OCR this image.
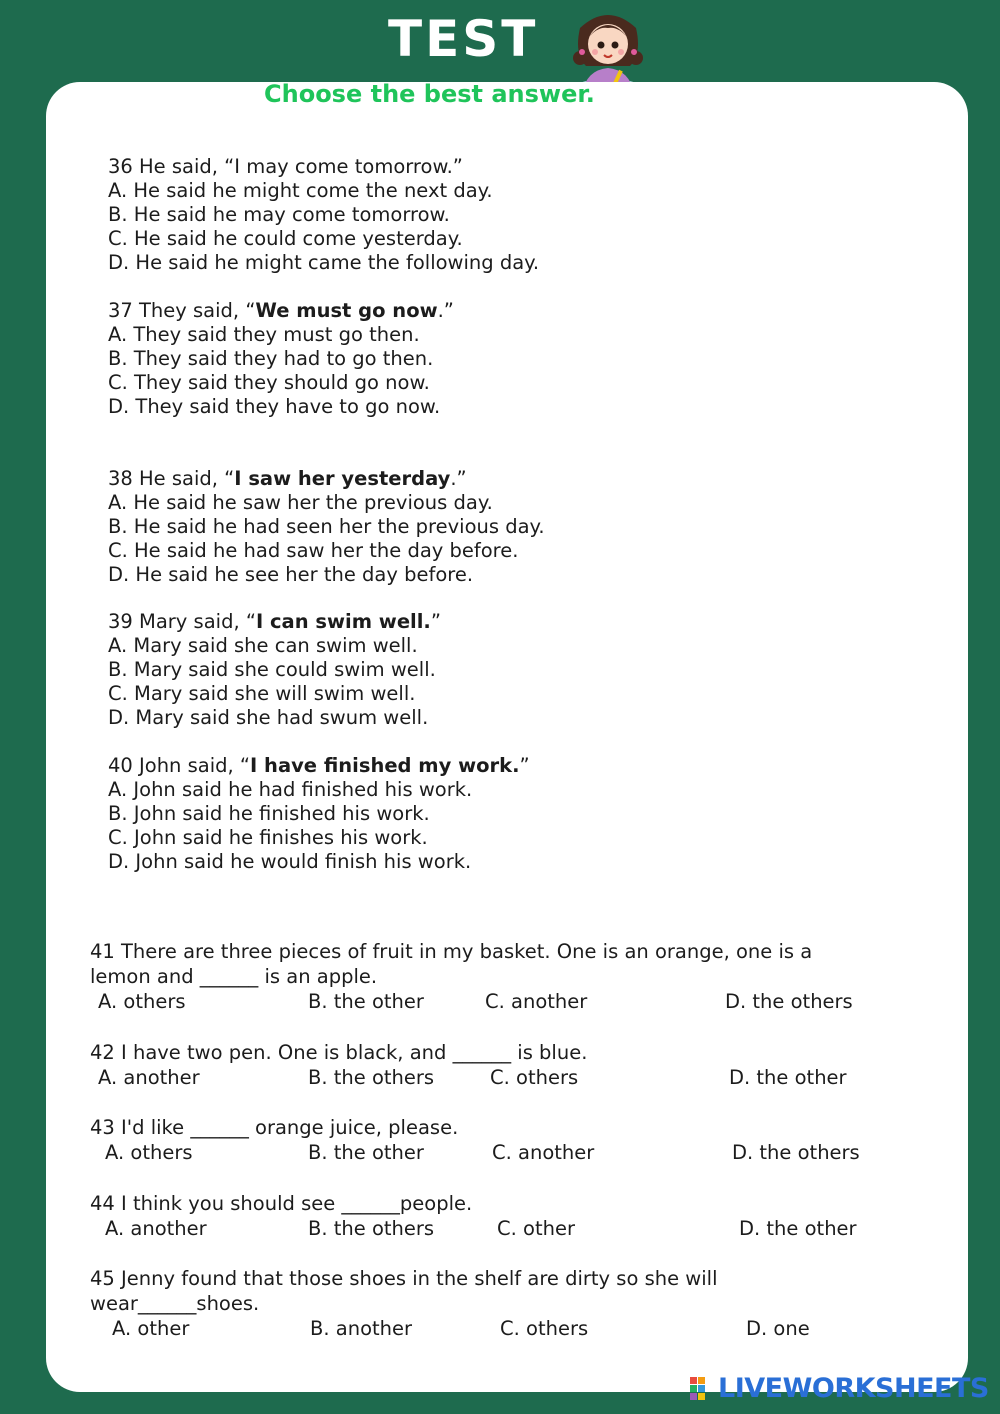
TEST
Choose the best answer.
36 He said, “I may come tomorrow.”
A. He said he might come the next day.
B. He said he may come tomorrow.
C. He said he could come yesterday.
D. He said he might came the following day.
37 They said, “We must go now.”
A. They said they must go then.
B. They said they had to go then.
C. They said they should go now.
D. They said they have to go now.
38 He said, “I saw her yesterday.”
A. He said he saw her the previous day.
B. He said he had seen her the previous day.
C. He said he had saw her the day before.
D. He said he see her the day before.
39 Mary said, “I can swim well.”
A. Mary said she can swim well.
B. Mary said she could swim well.
C. Mary said she will swim well.
D. Mary said she had swum well.
40 John said, “I have finished my work.”
A. John said he had finished his work.
B. John said he finished his work.
C. John said he finishes his work.
D. John said he would finish his work.
41 There are three pieces of fruit in my basket. One is an orange, one is a
lemon and ______ is an apple.
A. others	B. the other	C. another	D. the others
42 I have two pen. One is black, and ______ is blue.
A. another	B. the others	C. others	D. the other
43 I'd like ______ orange juice, please.
A. others	B. the other	C. another	D. the others
44 I think you should see ______people.
A. another	B. the others	C. other	D. the other
45 Jenny found that those shoes in the shelf are dirty so she will
wear______shoes.
A. other	B. another	C. others	D. one
LIVEWORKSHEETS
